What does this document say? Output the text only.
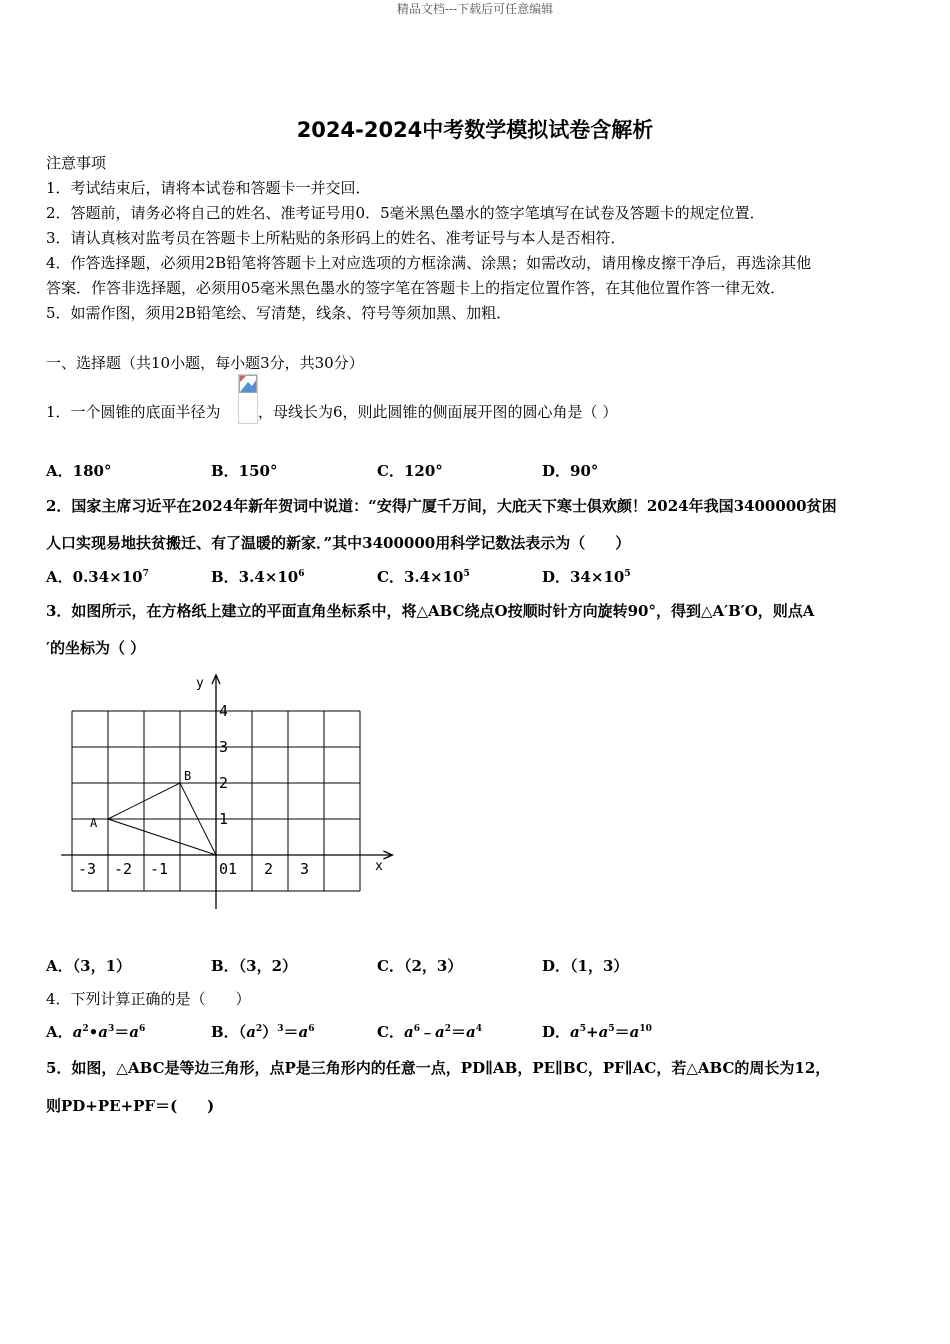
精品文档---下载后可任意编辑
2024-2024中考数学模拟试卷含解析
注意事项
1．考试结束后，请将本试卷和答题卡一并交回．
2．答题前，请务必将自己的姓名、准考证号用0．5毫米黑色墨水的签字笔填写在试卷及答题卡的规定位置．
3．请认真核对监考员在答题卡上所粘贴的条形码上的姓名、准考证号与本人是否相符．
4．作答选择题，必须用2B铅笔将答题卡上对应选项的方框涂满、涂黑；如需改动，请用橡皮擦干净后，再选涂其他
答案．作答非选择题，必须用05毫米黑色墨水的签字笔在答题卡上的指定位置作答，在其他位置作答一律无效．
5．如需作图，须用2B铅笔绘、写清楚，线条、符号等须加黑、加粗．
一、选择题（共10小题，每小题3分，共30分）
1．一个圆锥的底面半径为 ，母线长为6，则此圆锥的侧面展开图的圆心角是（ ）
A．180°	B．150°	C．120°	D．90°
2．国家主席习近平在2024年新年贺词中说道：“安得广厦千万间，大庇天下寒士俱欢颜！2024年我国3400000贫困
人口实现易地扶贫搬迁、有了温暖的新家．”其中3400000用科学记数法表示为（　　）
A．$0.34\times 10^7$	B．$3.4\times 10^6$	C．$3.4\times 10^5$	D．$34\times 10^5$
3．如图所示，在方格纸上建立的平面直角坐标系中，将△ABC绕点O按顺时针方向旋转90°，得到△A′B′O，则点A
′的坐标为（ ）
x
y
-3 -2 -1	0 1 2 3
1
2
3
4
A
B
A．（3，1）	B．（3，2）	C．（2，3）	D．（1，3）
4．下列计算正确的是（　　）
A．$a^2•a^3=a^6$	B．$(a^2)^3=a^6$	C．$a^6﹣a^2=a^4$	D．$a^5+a^5=a^{10}$
5．如图，△ABC是等边三角形，点P是三角形内的任意一点，PD∥AB，PE∥BC，PF∥AC，若△ABC的周长为12，
则PD+PE+PF＝(　　)
